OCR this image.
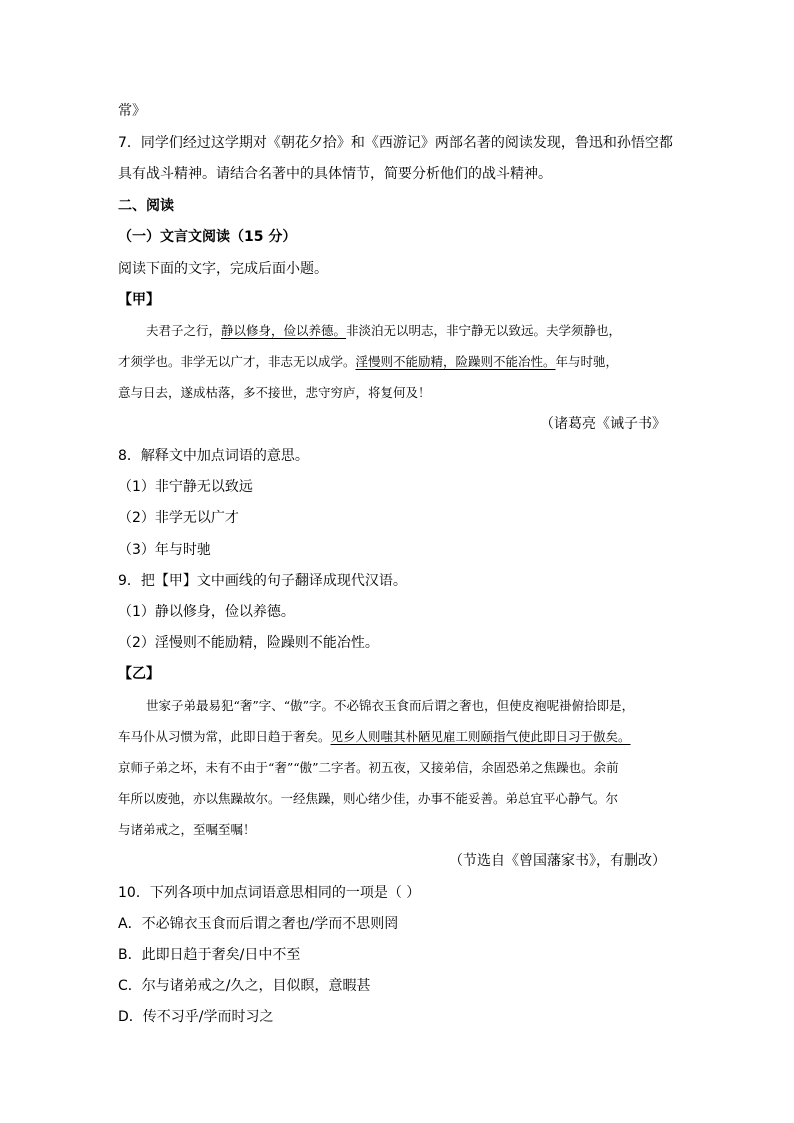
常》
7．同学们经过这学期对《朝花夕拾》和《西游记》两部名著的阅读发现，鲁迅和孙悟空都
具有战斗精神。请结合名著中的具体情节，简要分析他们的战斗精神。
二、阅读
（一）文言文阅读（15 分）
阅读下面的文字，完成后面小题。
【甲】
夫君子之行，静以修身，俭以养德。非淡泊无以明志，非宁静无以致远。夫学须静也，
才须学也。非学无以广才，非志无以成学。淫慢则不能励精，险躁则不能冶性。年与时驰，
意与日去，遂成枯落，多不接世，悲守穷庐，将复何及！
（诸葛亮《诫子书》
8．解释文中加点词语的意思。
（1）非宁静无以致远
（2）非学无以广才
（3）年与时驰
9．把【甲】文中画线的句子翻译成现代汉语。
（1）静以修身，俭以养德。
（2）淫慢则不能励精，险躁则不能冶性。
【乙】
世家子弟最易犯“奢”字、“傲”字。不必锦衣玉食而后谓之奢也，但使皮袍呢褂俯拾即是，
车马仆从习惯为常，此即日趋于奢矣。见乡人则嗤其朴陋见雇工则颐指气使此即日习于傲矣。
京师子弟之坏，未有不由于“奢”“傲”二字者。初五夜，又接弟信，余固恐弟之焦躁也。余前
年所以废弛，亦以焦躁故尔。一经焦躁，则心绪少佳，办事不能妥善。弟总宜平心静气。尔
与诸弟戒之，至嘱至嘱！
（节选自《曾国藩家书》，有删改）
10．下列各项中加点词语意思相同的一项是（ ）
A．不必锦衣玉食而后谓之奢也/学而不思则罔
B．此即日趋于奢矣/日中不至
C．尔与诸弟戒之/久之，目似瞑，意暇甚
D．传不习乎/学而时习之
